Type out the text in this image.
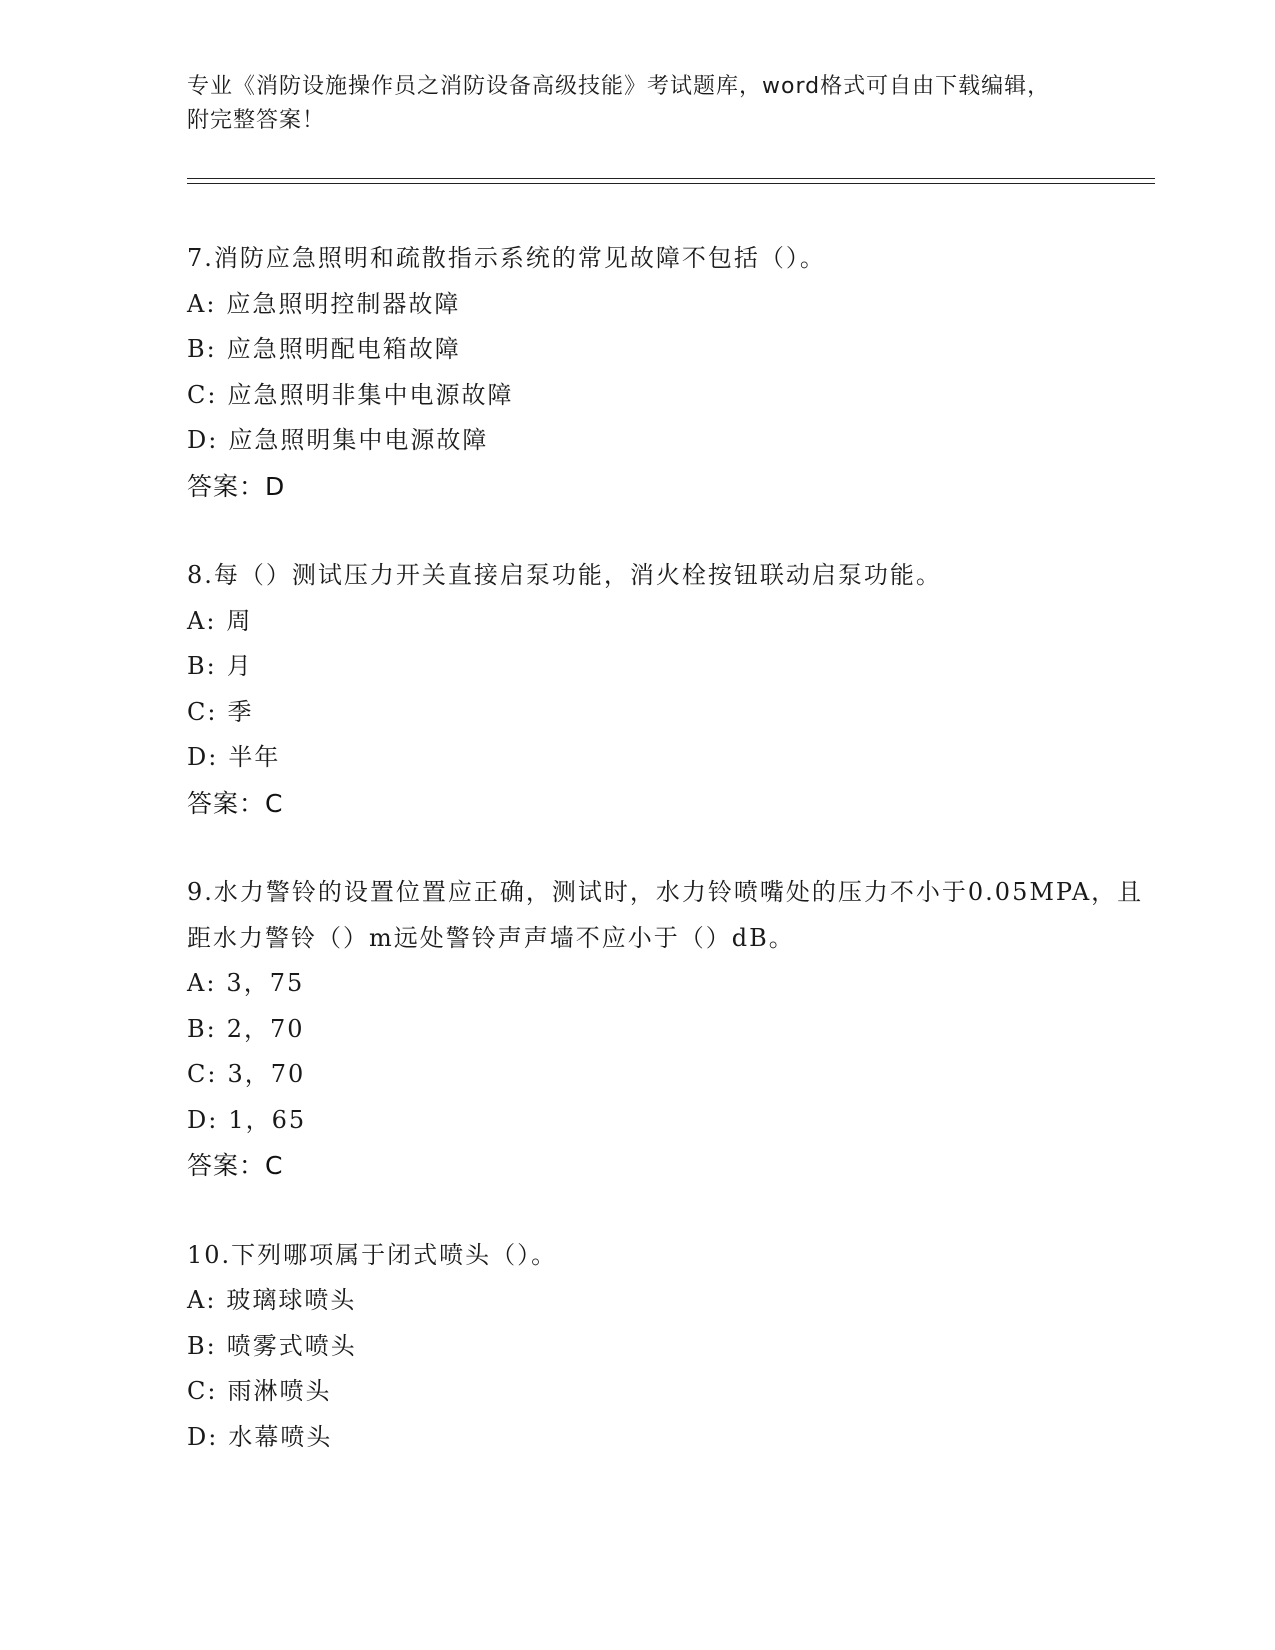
专业《消防设施操作员之消防设备高级技能》考试题库，word格式可自由下载编辑，附完整答案！
7.消防应急照明和疏散指示系统的常见故障不包括（）。
A: 应急照明控制器故障
B: 应急照明配电箱故障
C: 应急照明非集中电源故障
D: 应急照明集中电源故障
答案：D
8.每（）测试压力开关直接启泵功能，消火栓按钮联动启泵功能。
A: 周
B: 月
C: 季
D: 半年
答案：C
9.水力警铃的设置位置应正确，测试时，水力铃喷嘴处的压力不小于0.05MPA，且距水力警铃（）m远处警铃声声墙不应小于（）dB。
A: 3，75
B: 2，70
C: 3，70
D: 1，65
答案：C
10.下列哪项属于闭式喷头（）。
A: 玻璃球喷头
B: 喷雾式喷头
C: 雨淋喷头
D: 水幕喷头
